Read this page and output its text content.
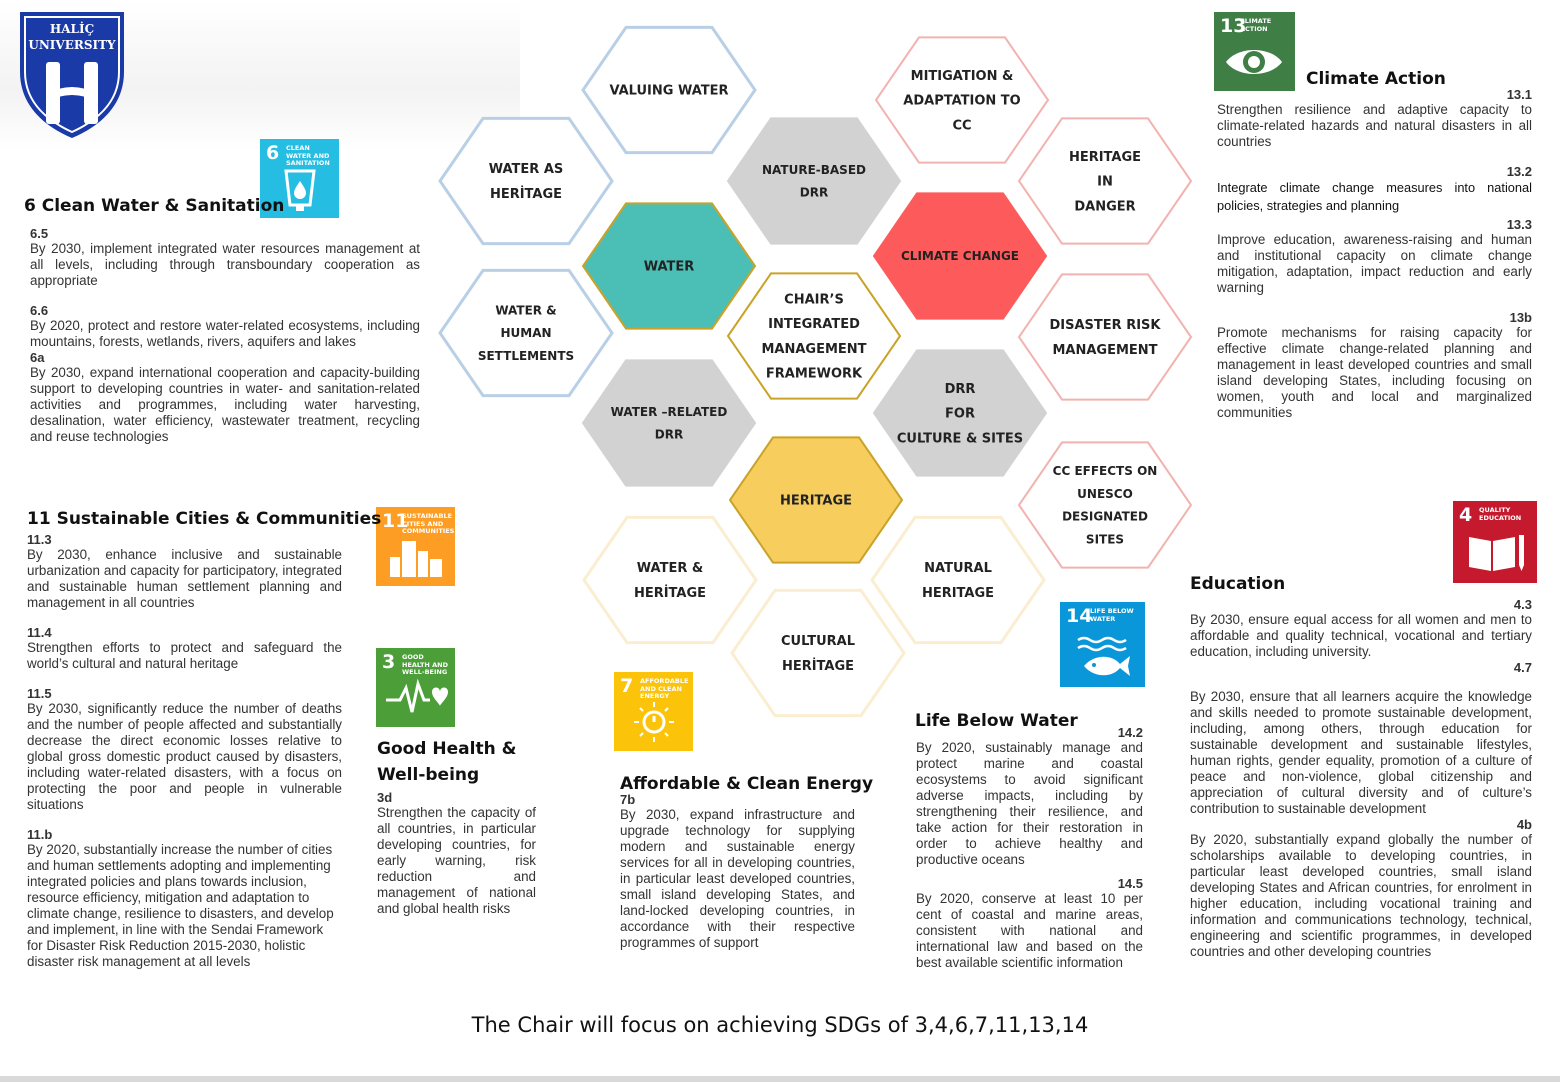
HALİÇ
UNIVERSITY
VALUING WATER
WATER AS
HERİTAGE
NATURE-BASED
DRR
MITIGATION &
ADAPTATION TO
CC
HERITAGE
IN
DANGER
WATER
CLIMATE CHANGE
WATER &
HUMAN
SETTLEMENTS
CHAIR’S
INTEGRATED
MANAGEMENT
FRAMEWORK
DISASTER RISK
MANAGEMENT
WATER –RELATED
DRR
DRR
FOR
CULTURE & SITES
HERITAGE
CC EFFECTS ON
UNESCO
DESIGNATED
SITES
WATER &
HERİTAGE
NATURAL
HERITAGE
CULTURAL
HERİTAGE
6 CLEAN WATER AND SANITATION
6 Clean Water & Sanitation
6.5
By 2030, implement integrated water resources management at all levels, including through transboundary cooperation as appropriate
6.6
By 2020, protect and restore water-related ecosystems, including mountains, forests, wetlands, rivers, aquifers and lakes
6a
By 2030, expand international cooperation and capacity-building support to developing countries in water- and sanitation-related activities and programmes, including water harvesting, desalination, water efficiency, wastewater treatment, recycling and reuse technologies
11
SUSTAINABLE CITIES AND COMMUNITIES
11 Sustainable Cities & Communities
11.3
By 2030, enhance inclusive and sustainable urbanization and capacity for participatory, integrated and sustainable human settlement planning and management in all countries
11.4
Strengthen efforts to protect and safeguard the world’s cultural and natural heritage
11.5
By 2030, significantly reduce the number of deaths and the number of people affected and substantially decrease the direct economic losses relative to global gross domestic product caused by disasters, including water-related disasters, with a focus on protecting the poor and people in vulnerable situations
11.b
By 2020, substantially increase the number of cities and human settlements adopting and implementing integrated policies and plans towards inclusion, resource efficiency, mitigation and adaptation to climate change, resilience to disasters, and develop and implement, in line with the Sendai Framework for Disaster Risk Reduction 2015-2030, holistic disaster risk management at all levels
3 GOOD HEALTH AND WELL-BEING
Good Health &
Well-being
3d
Strengthen the capacity of all countries, in particular developing countries, for early warning, risk reduction and management of national and global health risks
7 AFFORDABLE AND CLEAN ENERGY
Affordable & Clean Energy
7b
By 2030, expand infrastructure and upgrade technology for supplying modern and sustainable energy services for all in developing countries, in particular least developed countries, small island developing States, and land-locked developing countries, in accordance with their respective programmes of support
14
LIFE BELOW WATER
Life Below Water
14.2
By 2020, sustainably manage and protect marine and coastal ecosystems to avoid significant adverse impacts, including by strengthening their resilience, and take action for their restoration in order to achieve healthy and productive oceans
14.5
By 2020, conserve at least 10 per cent of coastal and marine areas, consistent with national and international law and based on the best available scientific information
13
CLIMATE ACTION
Climate Action
13.1
Strengthen resilience and adaptive capacity to climate-related hazards and natural disasters in all countries
13.2
Integrate climate change measures into national policies, strategies and planning
13.3
Improve education, awareness-raising and human and institutional capacity on climate change mitigation, adaptation, impact reduction and early warning
13b
Promote mechanisms for raising capacity for effective climate change-related planning and management in least developed countries and small island developing States, including focusing on women, youth and local and marginalized communities
4 QUALITY EDUCATION
Education
4.3
By 2030, ensure equal access for all women and men to affordable and quality technical, vocational and tertiary education, including university.
4.7
By 2030, ensure that all learners acquire the knowledge and skills needed to promote sustainable development, including, among others, through education for sustainable development and sustainable lifestyles, human rights, gender equality, promotion of a culture of peace and non-violence, global citizenship and appreciation of cultural diversity and of culture’s contribution to sustainable development
4b
By 2020, substantially expand globally the number of scholarships available to developing countries, in particular least developed countries, small island developing States and African countries, for enrolment in higher education, including vocational training and information and communications technology, technical, engineering and scientific programmes, in developed countries and other developing countries
The Chair will focus on achieving SDGs of 3,4,6,7,11,13,14
